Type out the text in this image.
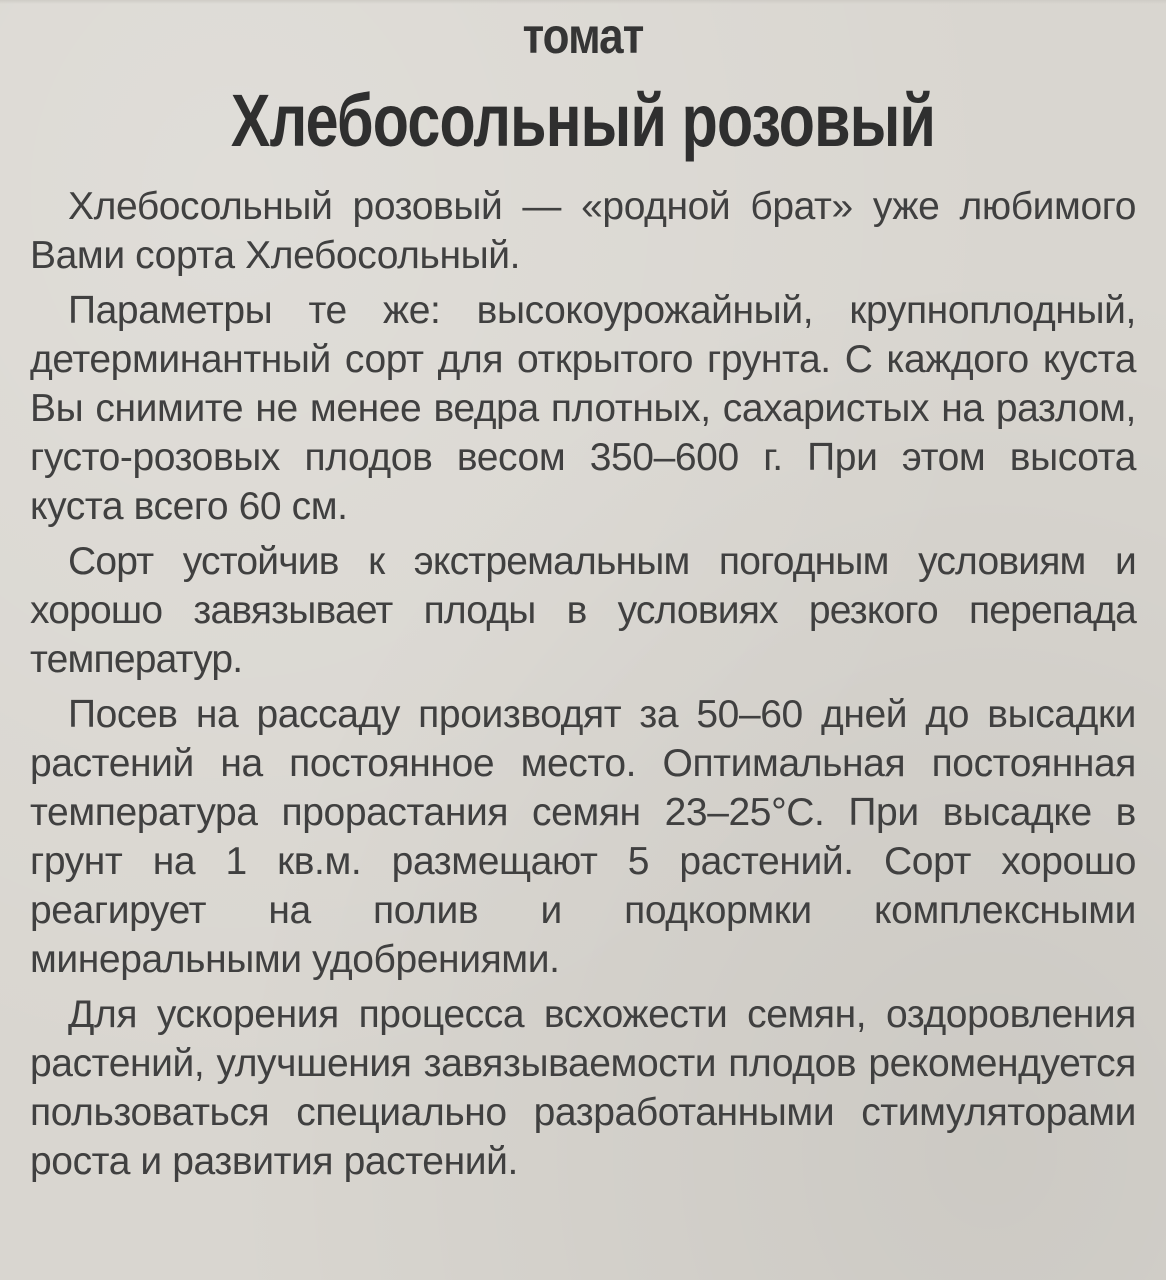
томат
Хлебосольный розовый

Хлебосольный розовый — «родной брат» уже любимого Вами сорта Хлебосольный.

Параметры те же: высокоурожайный, крупноплодный, детерминантный сорт для открытого грунта. С каждого куста Вы снимите не менее ведра плотных, сахаристых на разлом, густо-розовых плодов весом 350–600 г. При этом высота куста всего 60 см.

Сорт устойчив к экстремальным погодным условиям и хорошо завязывает плоды в условиях резкого перепада температур.

Посев на рассаду производят за 50–60 дней до высадки растений на постоянное место. Оптимальная постоянная температура прорастания семян 23–25°С. При высадке в грунт на 1 кв.м. размещают 5 растений. Сорт хорошо реагирует на полив и подкормки комплексными минеральными удобрениями.

Для ускорения процесса всхожести семян, оздоровления растений, улучшения завязываемости плодов рекомендуется пользоваться специально разработанными стимуляторами роста и развития растений.
